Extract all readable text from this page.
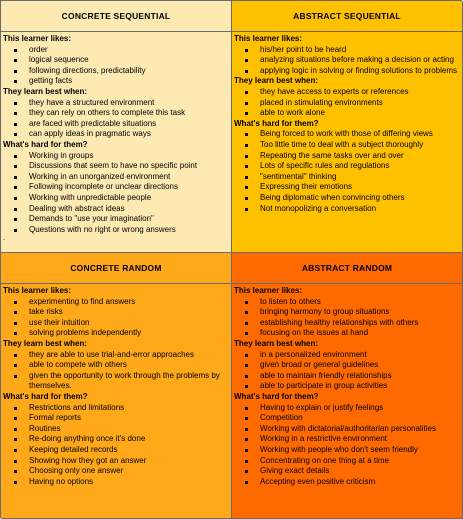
CONCRETE SEQUENTIAL
This learner likes:
order
logical sequence
following directions, predictability
getting facts
They learn best when:
they have a structured environment
they can rely on others to complete this task
are faced with predictable situations
can apply ideas in pragmatic ways
What's hard for them?
Working in groups
Discussions that seem to have no specific point
Working in an unorganized environment
Following incomplete or unclear directions
Working with unpredictable people
Dealing with abstract ideas
Demands to "use your imagination"
Questions with no right or wrong answers
.
ABSTRACT SEQUENTIAL
This learner likes:
his/her point to be heard
analyzing situations before making a decision or acting
applying logic in solving or finding solutions to problems
They learn best when:
they have access to experts or references
placed in stimulating environments
able to work alone
What's hard for them?
Being forced to work with those of differing views
Too little time to deal with a subject thoroughly
Repeating the same tasks over and over
Lots of specific rules and regulations
"sentimental" thinking
Expressing their emotions
Being diplomatic when convincing others
Not monopolizing a conversation
CONCRETE RANDOM
This learner likes:
experimenting to find answers
take risks
use their intuition
solving problems independently
They learn best when:
they are able to use trial-and-error approaches
able to compete with others
given the opportunity to work through the problems by themselves.
What's hard for them?
Restrictions and limitations
Formal reports
Routines
Re-doing anything once it's done
Keeping detailed records
Showing how they got an answer
Choosing only one answer
Having no options
ABSTRACT RANDOM
This learner likes:
to listen to others
bringing harmony to group situations
establishing healthy relationships with others
focusing on the issues at hand
They learn best when:
in a personalized environment
given broad or general guidelines
able to maintain friendly relationships
able to participate in group activities
What's hard for them?
Having to explain or justify feelings
Competition
Working with dictatorial/authoritarian personalities
Working in a restrictive environment
Working with people who don't seem friendly
Concentrating on one thing at a time
Giving exact details
Accepting even positive criticism
